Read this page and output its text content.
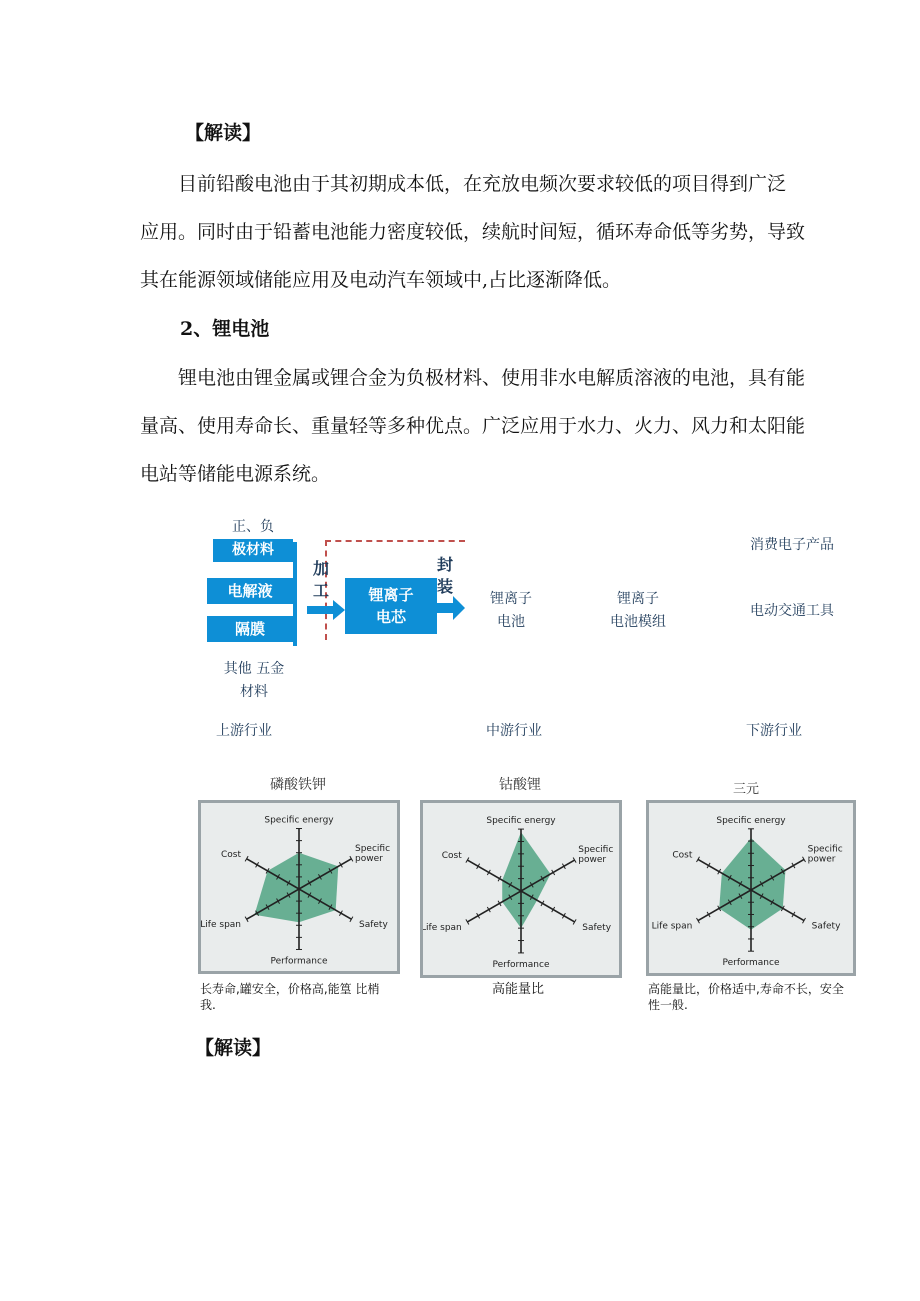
【解读】
目前铅酸电池由于其初期成本低，在充放电频次要求较低的项目得到广泛
应用。同时由于铅蓄电池能力密度较低，续航时间短，循环寿命低等劣势，导致
其在能源领域储能应用及电动汽车领域中,占比逐渐降低。
2、锂电池
锂电池由锂金属或锂合金为负极材料、使用非水电解质溶液的电池，具有能
量高、使用寿命长、重量轻等多种优点。广泛应用于水力、火力、风力和太阳能
电站等储能电源系统。
正、负
极材料
电解液
隔膜
加
工	锂离子
电芯
封
装
锂离子
电池
锂离子
电池模组
消费电子产品
电动交通工具
其他 五金
材料
上游行业	中游行业	下游行业
磷酸铁钾	钴酸锂	三元
Specific energy
Specific power
Safety
Performance
Life span
Cost
Specific energy
Specific power
Safety
Performance
Life span
Cost
Specific energy
Specific power
Safety
Performance
Life span
Cost
长寿命,罐安全，价格高,能篁 比梢
我.
高能量比	高能量比，价格适中,寿命不长，安全
性一般.
【解读】
